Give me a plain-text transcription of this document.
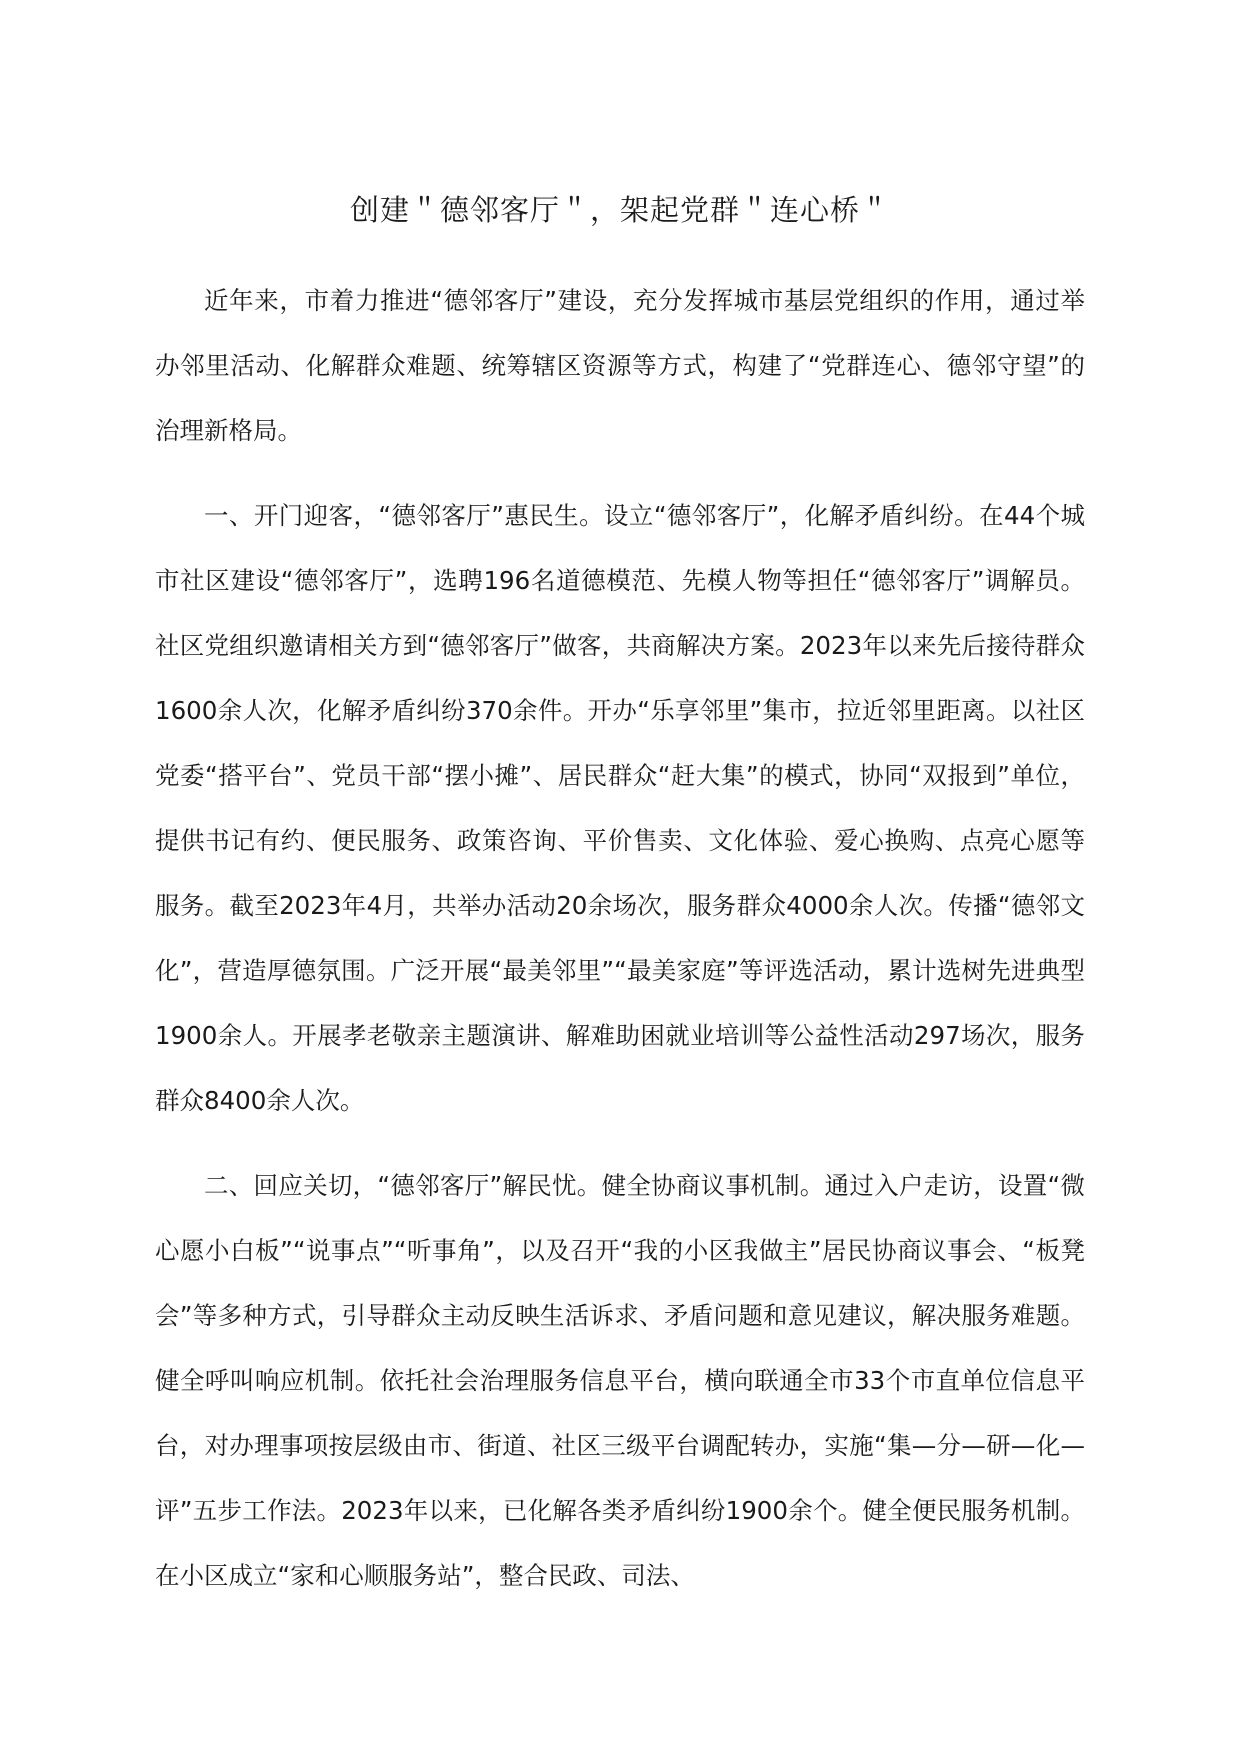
创建＂德邻客厅＂，架起党群＂连心桥＂

近年来，市着力推进“德邻客厅”建设，充分发挥城市基层党组织的作用，通过举办邻里活动、化解群众难题、统筹辖区资源等方式，构建了“党群连心、德邻守望”的治理新格局。

一、开门迎客，“德邻客厅”惠民生。设立“德邻客厅”，化解矛盾纠纷。在44个城市社区建设“德邻客厅”，选聘196名道德模范、先模人物等担任“德邻客厅”调解员。社区党组织邀请相关方到“德邻客厅”做客，共商解决方案。2023年以来先后接待群众1600余人次，化解矛盾纠纷370余件。开办“乐享邻里”集市，拉近邻里距离。以社区党委“搭平台”、党员干部“摆小摊”、居民群众“赶大集”的模式，协同“双报到”单位，提供书记有约、便民服务、政策咨询、平价售卖、文化体验、爱心换购、点亮心愿等服务。截至2023年4月，共举办活动20余场次，服务群众4000余人次。传播“德邻文化”，营造厚德氛围。广泛开展“最美邻里”“最美家庭”等评选活动，累计选树先进典型1900余人。开展孝老敬亲主题演讲、解难助困就业培训等公益性活动297场次，服务群众8400余人次。

二、回应关切，“德邻客厅”解民忧。健全协商议事机制。通过入户走访，设置“微心愿小白板”“说事点”“听事角”，以及召开“我的小区我做主”居民协商议事会、“板凳会”等多种方式，引导群众主动反映生活诉求、矛盾问题和意见建议，解决服务难题。健全呼叫响应机制。依托社会治理服务信息平台，横向联通全市33个市直单位信息平台，对办理事项按层级由市、街道、社区三级平台调配转办，实施“集—分—研—化—评”五步工作法。2023年以来，已化解各类矛盾纠纷1900余个。健全便民服务机制。在小区成立“家和心顺服务站”，整合民政、司法、
